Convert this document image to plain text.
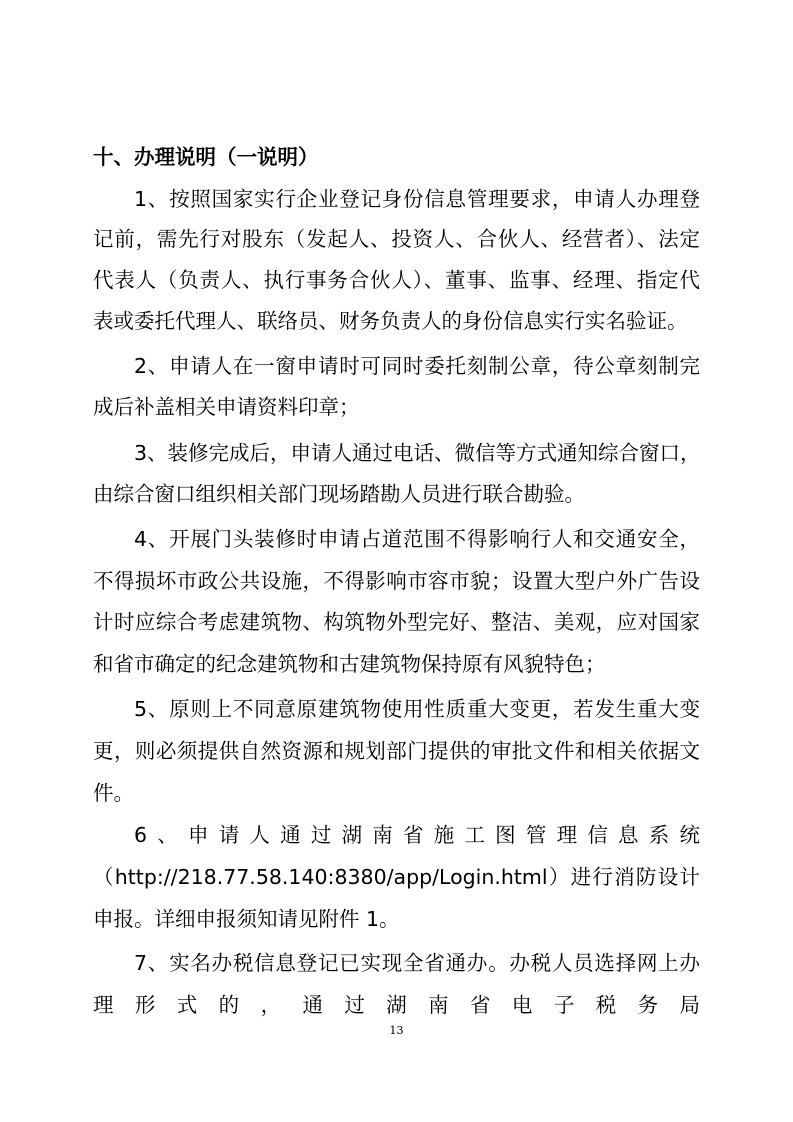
十、办理说明（一说明）
1、按照国家实行企业登记身份信息管理要求，申请人办理登
记前，需先行对股东（发起人、投资人、合伙人、经营者）、法定
代表人（负责人、执行事务合伙人）、董事、监事、经理、指定代
表或委托代理人、联络员、财务负责人的身份信息实行实名验证。
2、申请人在一窗申请时可同时委托刻制公章，待公章刻制完
成后补盖相关申请资料印章；
3、装修完成后，申请人通过电话、微信等方式通知综合窗口，
由综合窗口组织相关部门现场踏勘人员进行联合勘验。
4、开展门头装修时申请占道范围不得影响行人和交通安全，
不得损坏市政公共设施，不得影响市容市貌；设置大型户外广告设
计时应综合考虑建筑物、构筑物外型完好、整洁、美观，应对国家
和省市确定的纪念建筑物和古建筑物保持原有风貌特色；
5、原则上不同意原建筑物使用性质重大变更，若发生重大变
更，则必须提供自然资源和规划部门提供的审批文件和相关依据文
件。
6、申请人通过湖南省施工图管理信息系统
（http://218.77.58.140:8380/app/Login.html）进行消防设计
申报。详细申报须知请见附件 1。
7、实名办税信息登记已实现全省通办。办税人员选择网上办
理形式的，通过湖南省电子税务局
13
